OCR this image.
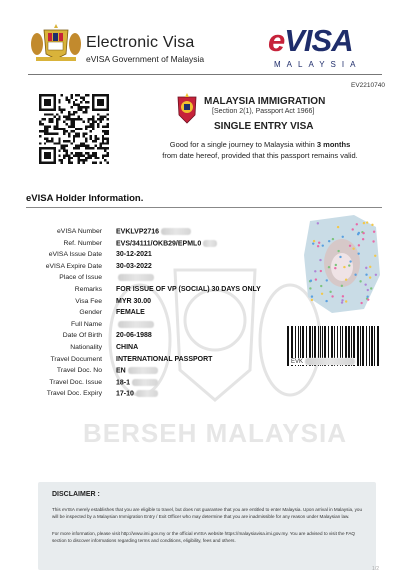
Electronic Visa
eVISA Government of Malaysia
eVISA
MALAYSIA
EV2210740
MALAYSIA IMMIGRATION
[Section 2(1), Passport Act 1966]
SINGLE ENTRY VISA
Good for a single journey to Malaysia within 3 months
from date hereof, provided that this passport remains valid.
eVISA Holder Information.
BERSEH MALAYSIA
eVISA Number EVKLVP2716
Ref. Number EVS/34111/OKB29/EPML0
eVISA Issue Date 30-12-2021
eVISA Expire Date 30-03-2022
Place of Issue
Remarks FOR ISSUE OF VP (SOCIAL) 30 DAYS ONLY
Visa Fee MYR 30.00
Gender FEMALE
Full Name
Date Of Birth 20-06-1988
Nationality CHINA
Travel Document INTERNATIONAL PASSPORT
Travel Doc. No EN
Travel Doc. Issue 18-1
Travel Doc. Expiry 17-10
EVK
DISCLAIMER :
This eVISA merely establishes that you are eligible to travel, but does not guarantee that you are entitled to enter Malaysia. Upon arrival in Malaysia, you will be inspected by a Malaysian Immigration Entry / Exit Officer who may determine that you are inadmissible for any reason under Malaysian law.
For more information, please visit http://www.imi.gov.my or the official eVISA website https://malaysiavisa.imi.gov.my. You are advised to visit the FAQ section to discover informations regarding terms and conditions, eligibility, fees and others.
1/2
